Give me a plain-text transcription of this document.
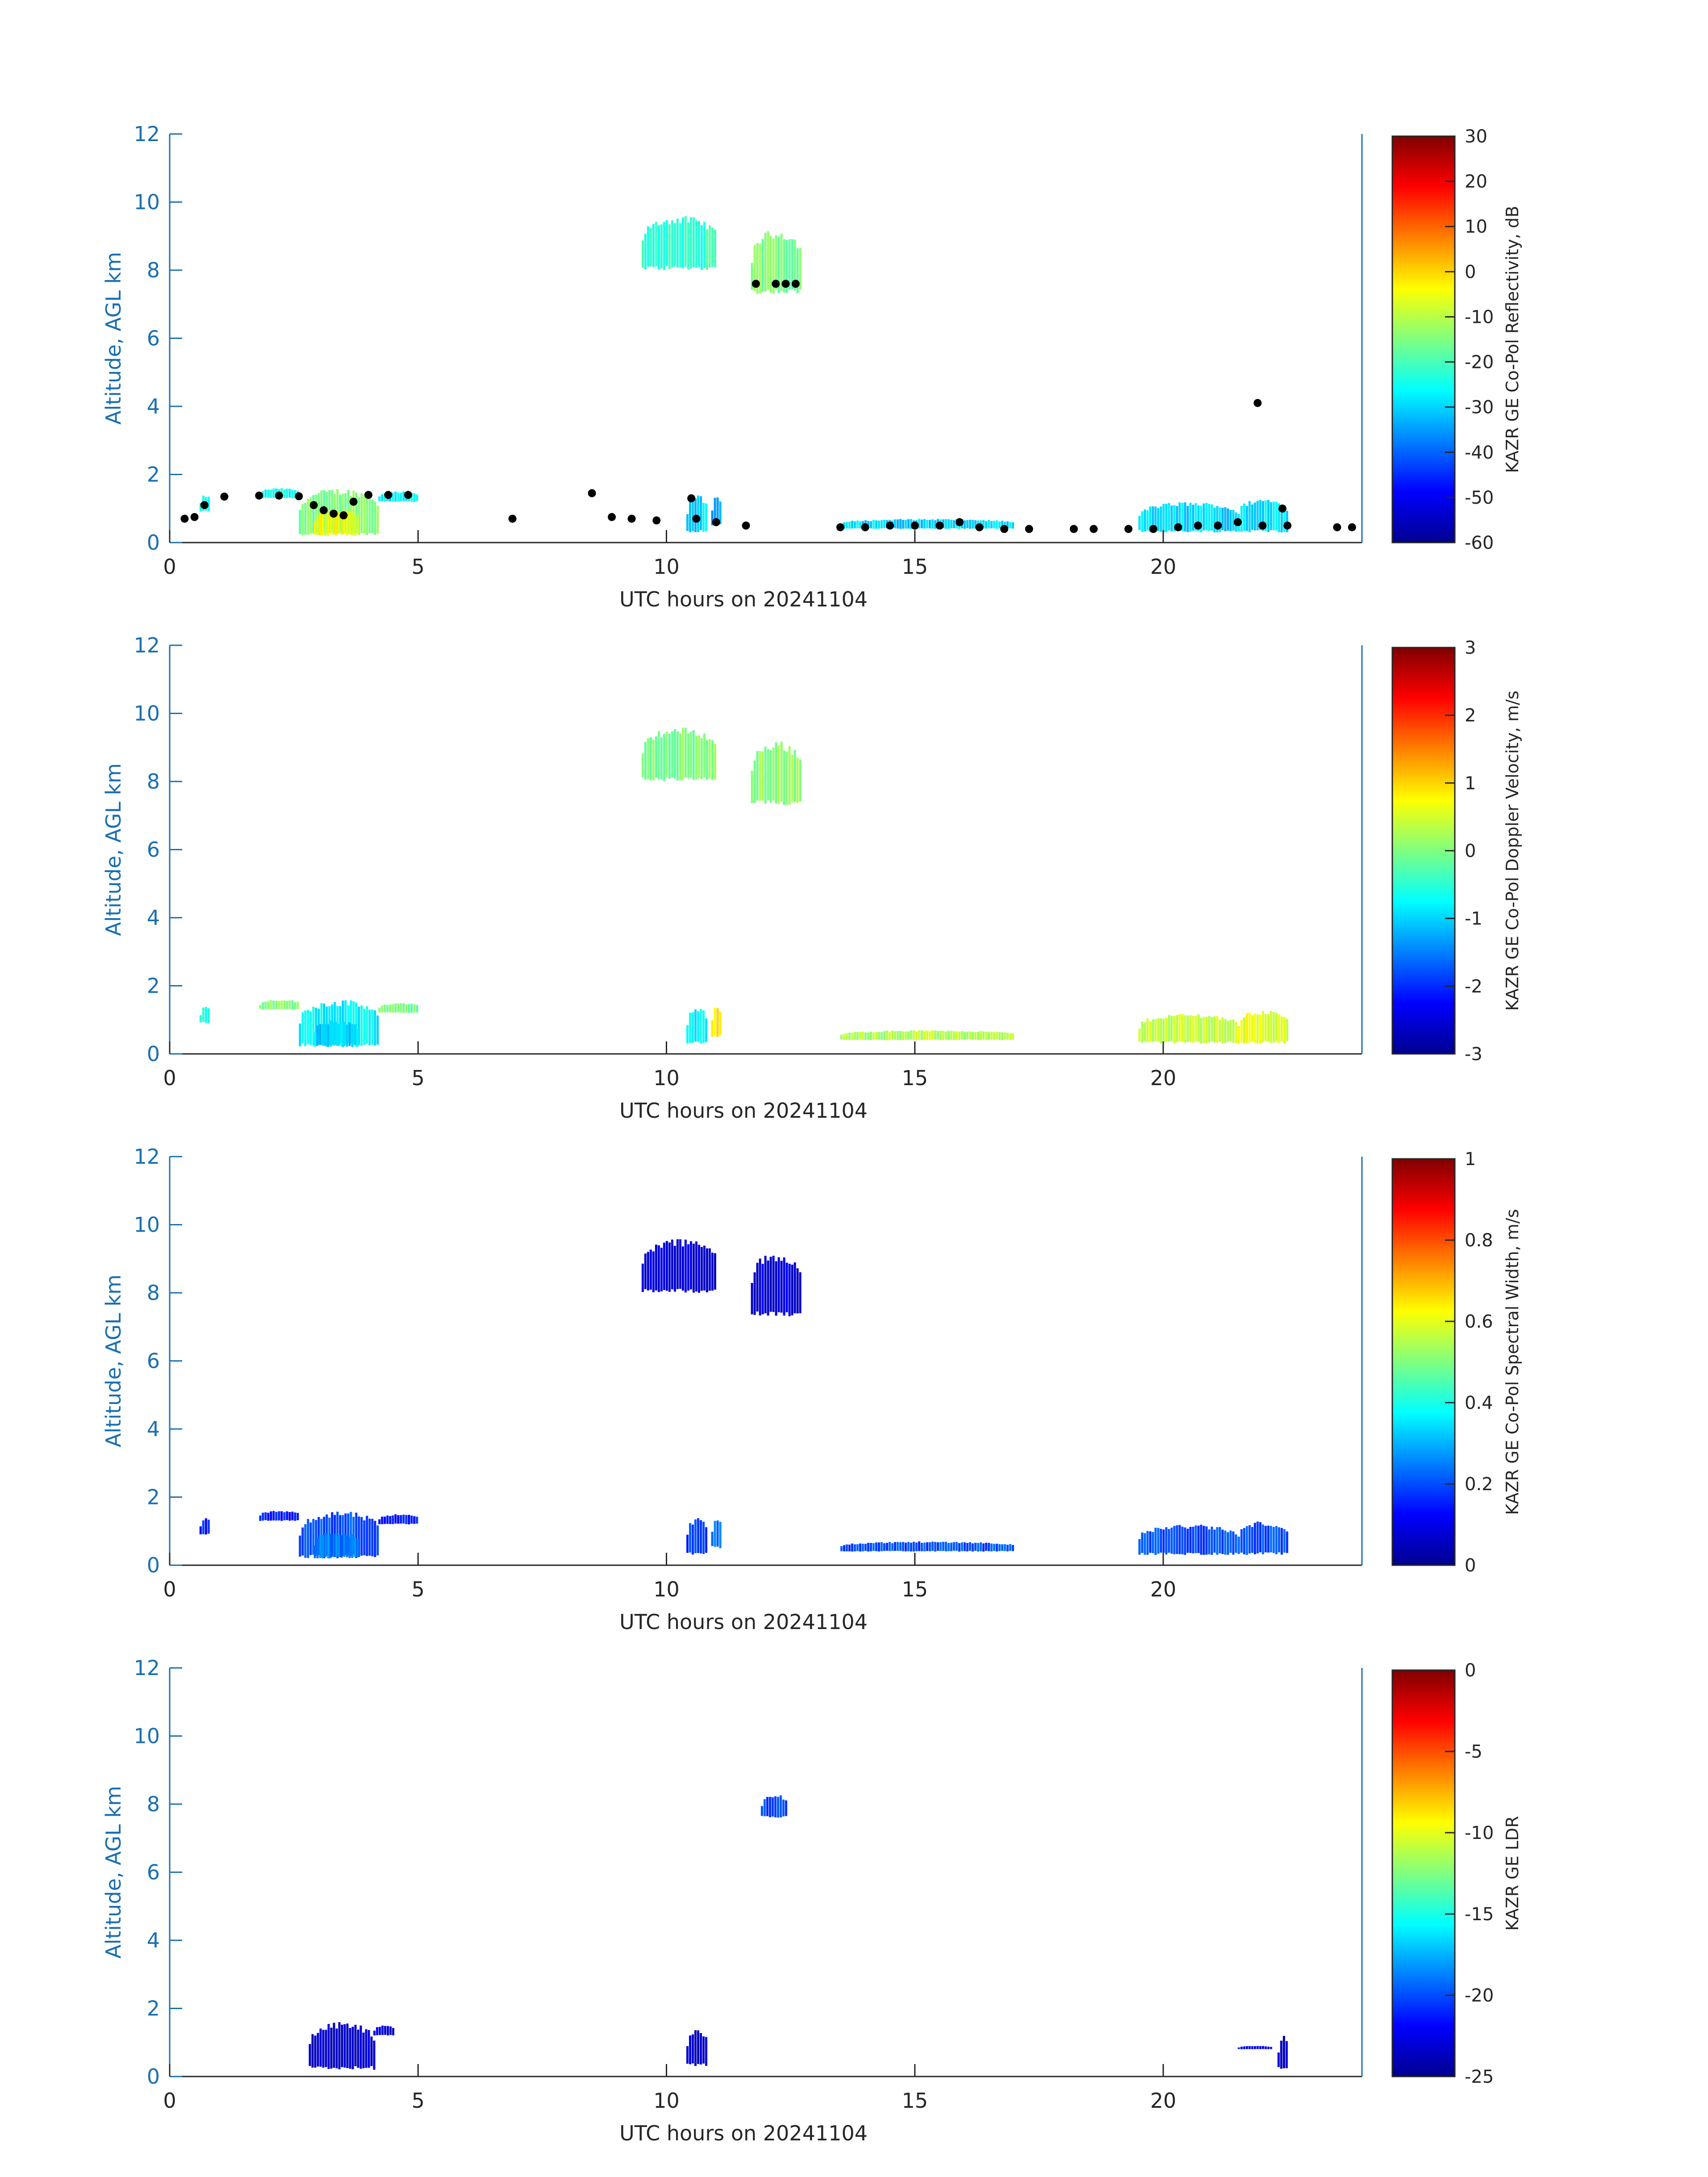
0
2
4
6
8
10
12
0	5	10	15	20
UTC hours on 20241104
Altitude, AGL km
-60
-50
-40
-30
-20
-10
0
10
20
30
KAZR GE Co-Pol Reflectivity, dB
0
2
4
6
8
10
12
0	5	10	15	20
UTC hours on 20241104
Altitude, AGL km
-3
-2
-1
0
1
2
3
KAZR GE Co-Pol Doppler Velocity, m/s
0
2
4
6
8
10
12
0	5	10	15	20
UTC hours on 20241104
Altitude, AGL km
0
0.2
0.4
0.6
0.8
1
KAZR GE Co-Pol Spectral Width, m/s
0
2
4
6
8
10
12
0	5	10	15	20
UTC hours on 20241104
Altitude, AGL km
-25
-20
-15
-10
-5
0
KAZR GE LDR
